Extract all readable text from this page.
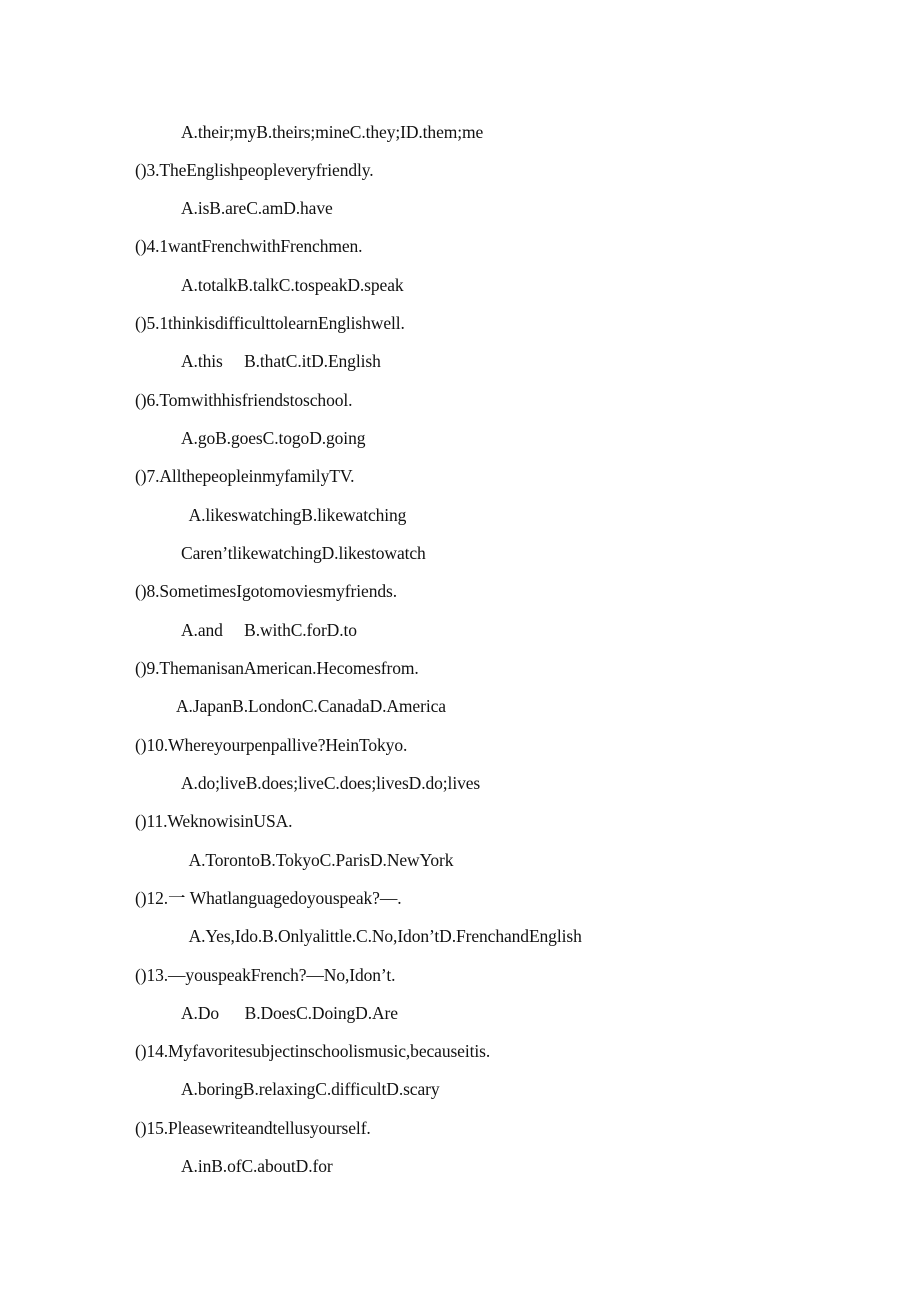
A.their;myB.theirs;mineC.they;ID.them;me
()3.TheEnglishpeopleveryfriendly.
A.isB.areC.amD.have
()4.1wantFrenchwithFrenchmen.
A.totalkB.talkC.tospeakD.speak
()5.1thinkisdifficulttolearnEnglishwell.
A.this     B.thatC.itD.English
()6.Tomwithhisfriendstoschool.
A.goB.goesC.togoD.going
()7.AllthepeopleinmyfamilyTV.
A.likeswatchingB.likewatching
Caren’tlikewatchingD.likestowatch
()8.SometimesIgotomoviesmyfriends.
A.and     B.withC.forD.to
()9.ThemanisanAmerican.Hecomesfrom.
A.JapanB.LondonC.CanadaD.America
()10.Whereyourpenpallive?HeinTokyo.
A.do;liveB.does;liveC.does;livesD.do;lives
()11.WeknowisinUSA.
A.TorontoB.TokyoC.ParisD.NewYork
()12.一 Whatlanguagedoyouspeak?—.
A.Yes,Ido.B.Onlyalittle.C.No,Idon’tD.FrenchandEnglish
()13.—youspeakFrench?—No,Idon’t.
A.Do      B.DoesC.DoingD.Are
()14.Myfavoritesubjectinschoolismusic,becauseitis.
A.boringB.relaxingC.difficultD.scary
()15.Pleasewriteandtellusyourself.
A.inB.ofC.aboutD.for
